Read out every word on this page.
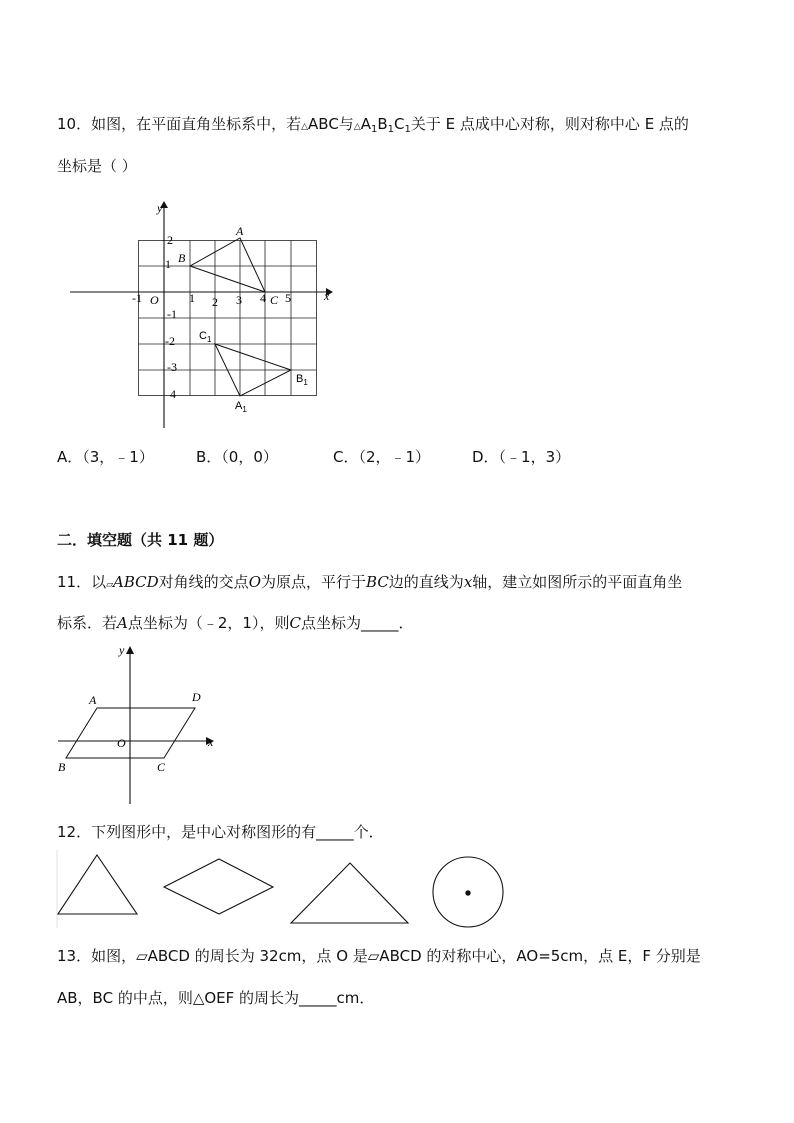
10．如图，在平面直角坐标系中，若△ABC与$\triangle A_1B_1C_1$关于 E 点成中心对称，则对称中心 E 点的
坐标是（ ）
y
x
O
-1	1 2 3 4 5
2
1
-1
-2
-3
4
A
B
C
$C_1$
$B_1$
$A_1$
A．（3，﹣1）	B．（0，0）	C．（2，﹣1）	D．（﹣1，3）
二．填空题（共 11 题）
11．以▱ABCD对角线的交点O为原点，平行于BC边的直线为x轴，建立如图所示的平面直角坐
标系．若A点坐标为（﹣2，1），则C点坐标为_____．
y
x
A	D
O
B	C
12．下列图形中，是中心对称图形的有_____个．
13．如图，▱ABCD 的周长为 32cm，点 O 是▱ABCD 的对称中心，AO=5cm，点 E，F 分别是
AB，BC 的中点，则△OEF 的周长为_____cm．
